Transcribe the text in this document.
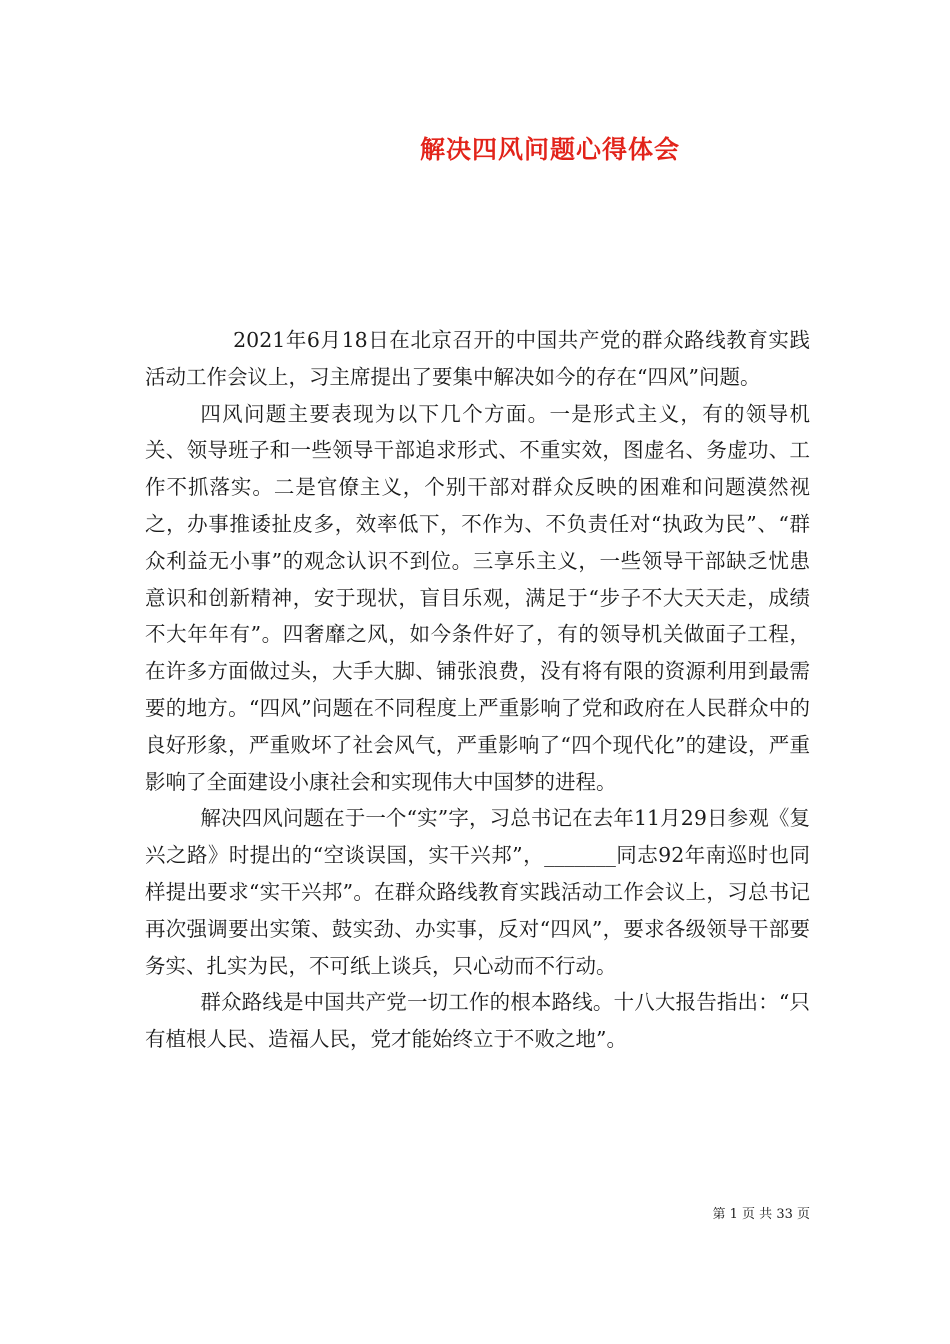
解决四风问题心得体会

2021年6月18日在北京召开的中国共产党的群众路线教育实践活动工作会议上，习主席提出了要集中解决如今的存在“四风”问题。

四风问题主要表现为以下几个方面。一是形式主义，有的领导机关、领导班子和一些领导干部追求形式、不重实效，图虚名、务虚功、工作不抓落实。二是官僚主义，个别干部对群众反映的困难和问题漠然视之，办事推诿扯皮多，效率低下，不作为、不负责任对“执政为民”、“群众利益无小事”的观念认识不到位。三享乐主义，一些领导干部缺乏忧患意识和创新精神，安于现状，盲目乐观，满足于“步子不大天天走，成绩不大年年有”。四奢靡之风，如今条件好了，有的领导机关做面子工程，在许多方面做过头，大手大脚、铺张浪费，没有将有限的资源利用到最需要的地方。“四风”问题在不同程度上严重影响了党和政府在人民群众中的良好形象，严重败坏了社会风气，严重影响了“四个现代化”的建设，严重影响了全面建设小康社会和实现伟大中国梦的进程。

解决四风问题在于一个“实”字，习总书记在去年11月29日参观《复兴之路》时提出的“空谈误国，实干兴邦”，_______同志92年南巡时也同样提出要求“实干兴邦”。在群众路线教育实践活动工作会议上，习总书记再次强调要出实策、鼓实劲、办实事，反对“四风”，要求各级领导干部要务实、扎实为民，不可纸上谈兵，只心动而不行动。

群众路线是中国共产党一切工作的根本路线。十八大报告指出：“只有植根人民、造福人民，党才能始终立于不败之地”。

第 1 页 共 33 页
